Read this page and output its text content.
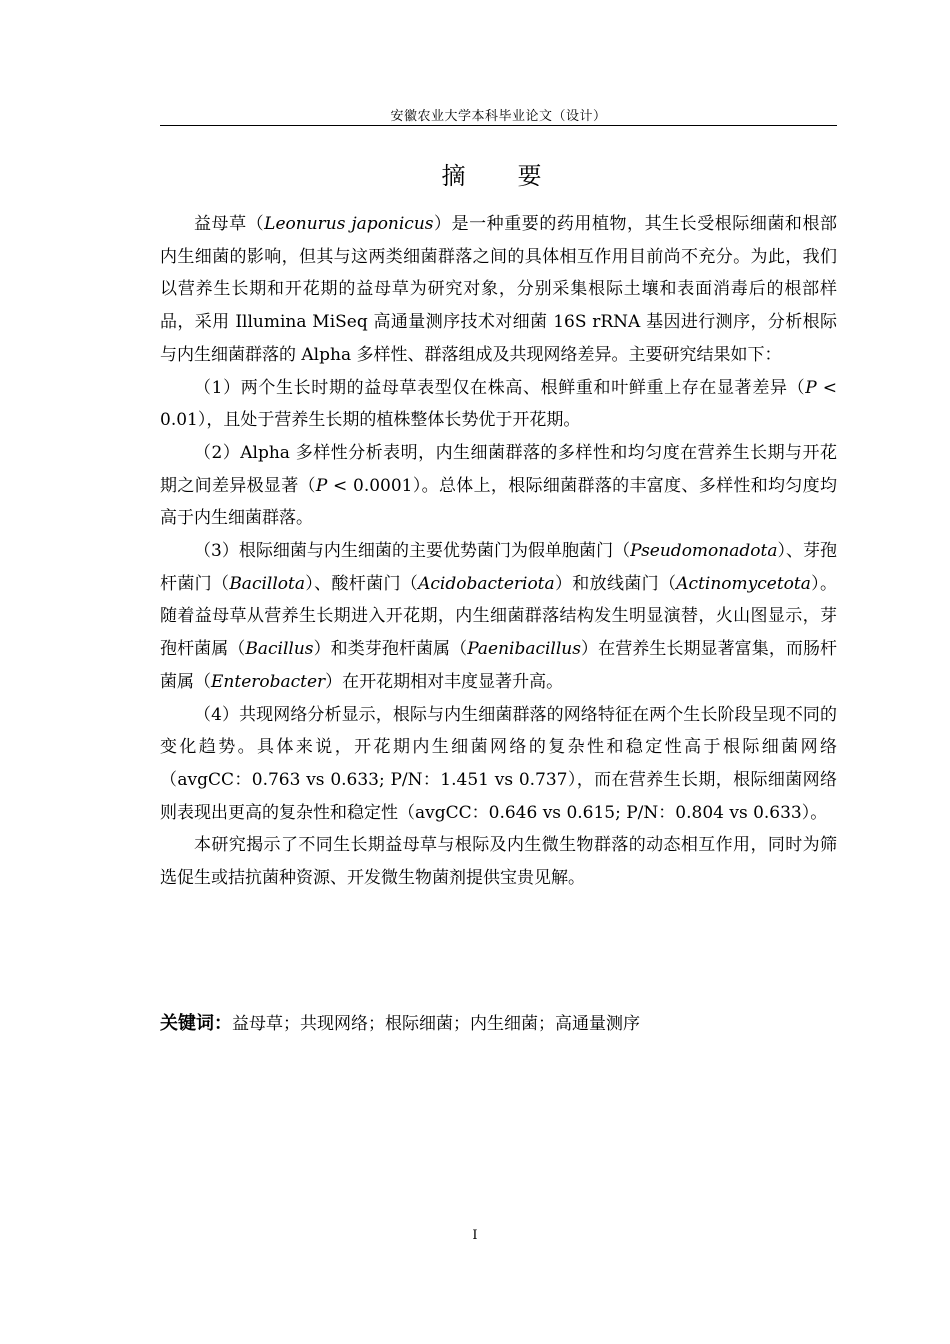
安徽农业大学本科毕业论文（设计）
摘　要

益母草（Leonurus japonicus）是一种重要的药用植物，其生长受根际细菌和根部内生细菌的影响，但其与这两类细菌群落之间的具体相互作用目前尚不充分。为此，我们以营养生长期和开花期的益母草为研究对象，分别采集根际土壤和表面消毒后的根部样品，采用 Illumina MiSeq 高通量测序技术对细菌 16S rRNA 基因进行测序，分析根际与内生细菌群落的 Alpha 多样性、群落组成及共现网络差异。主要研究结果如下：

（1）两个生长时期的益母草表型仅在株高、根鲜重和叶鲜重上存在显著差异（P < 0.01），且处于营养生长期的植株整体长势优于开花期。

（2）Alpha 多样性分析表明，内生细菌群落的多样性和均匀度在营养生长期与开花期之间差异极显著（P < 0.0001）。总体上，根际细菌群落的丰富度、多样性和均匀度均高于内生细菌群落。

（3）根际细菌与内生细菌的主要优势菌门为假单胞菌门（Pseudomonadota）、芽孢杆菌门（Bacillota）、酸杆菌门（Acidobacteriota）和放线菌门（Actinomycetota）。随着益母草从营养生长期进入开花期，内生细菌群落结构发生明显演替，火山图显示，芽孢杆菌属（Bacillus）和类芽孢杆菌属（Paenibacillus）在营养生长期显著富集，而肠杆菌属（Enterobacter）在开花期相对丰度显著升高。

（4）共现网络分析显示，根际与内生细菌群落的网络特征在两个生长阶段呈现不同的变化趋势。具体来说，开花期内生细菌网络的复杂性和稳定性高于根际细菌网络（avgCC：0.763 vs 0.633; P/N：1.451 vs 0.737），而在营养生长期，根际细菌网络则表现出更高的复杂性和稳定性（avgCC：0.646 vs 0.615; P/N：0.804 vs 0.633）。

本研究揭示了不同生长期益母草与根际及内生微生物群落的动态相互作用，同时为筛选促生或拮抗菌种资源、开发微生物菌剂提供宝贵见解。

关键词：益母草；共现网络；根际细菌；内生细菌；高通量测序
I
